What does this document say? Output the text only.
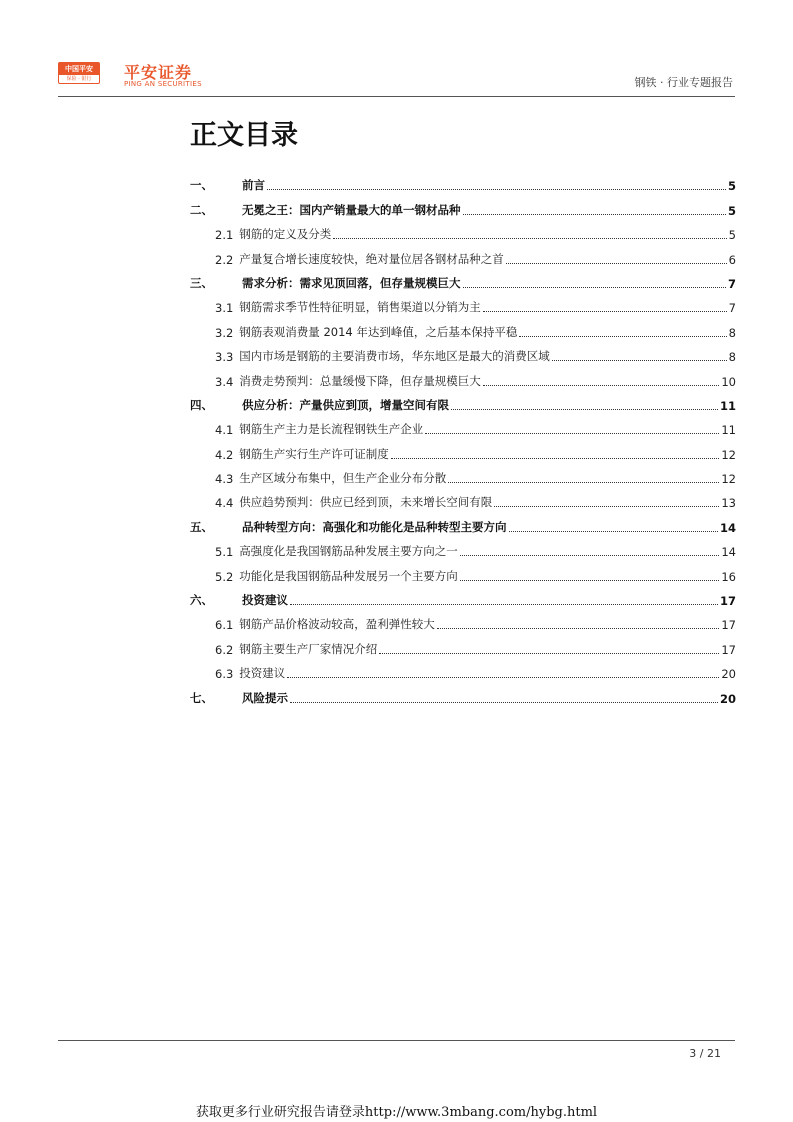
中国平安
保险 · 银行	平安证券
PING AN SECURITIES	钢铁 · 行业专题报告
正文目录
一、	前言	5
二、	无冕之王：国内产销量最大的单一钢材品种	5
2.1 钢筋的定义及分类	5
2.2 产量复合增长速度较快，绝对量位居各钢材品种之首	6
三、	需求分析：需求见顶回落，但存量规模巨大	7
3.1 钢筋需求季节性特征明显，销售渠道以分销为主	7
3.2 钢筋表观消费量 2014 年达到峰值，之后基本保持平稳	8
3.3 国内市场是钢筋的主要消费市场，华东地区是最大的消费区域	8
3.4 消费走势预判：总量缓慢下降，但存量规模巨大	10
四、	供应分析：产量供应到顶，增量空间有限	11
4.1 钢筋生产主力是长流程钢铁生产企业	11
4.2 钢筋生产实行生产许可证制度	12
4.3 生产区域分布集中，但生产企业分布分散	12
4.4 供应趋势预判：供应已经到顶，未来增长空间有限	13
五、	品种转型方向：高强化和功能化是品种转型主要方向	14
5.1 高强度化是我国钢筋品种发展主要方向之一	14
5.2 功能化是我国钢筋品种发展另一个主要方向	16
六、	投资建议	17
6.1 钢筋产品价格波动较高，盈利弹性较大	17
6.2 钢筋主要生产厂家情况介绍	17
6.3 投资建议	20
七、	风险提示	20
3 / 21
获取更多行业研究报告请登录http://www.3mbang.com/hybg.html
